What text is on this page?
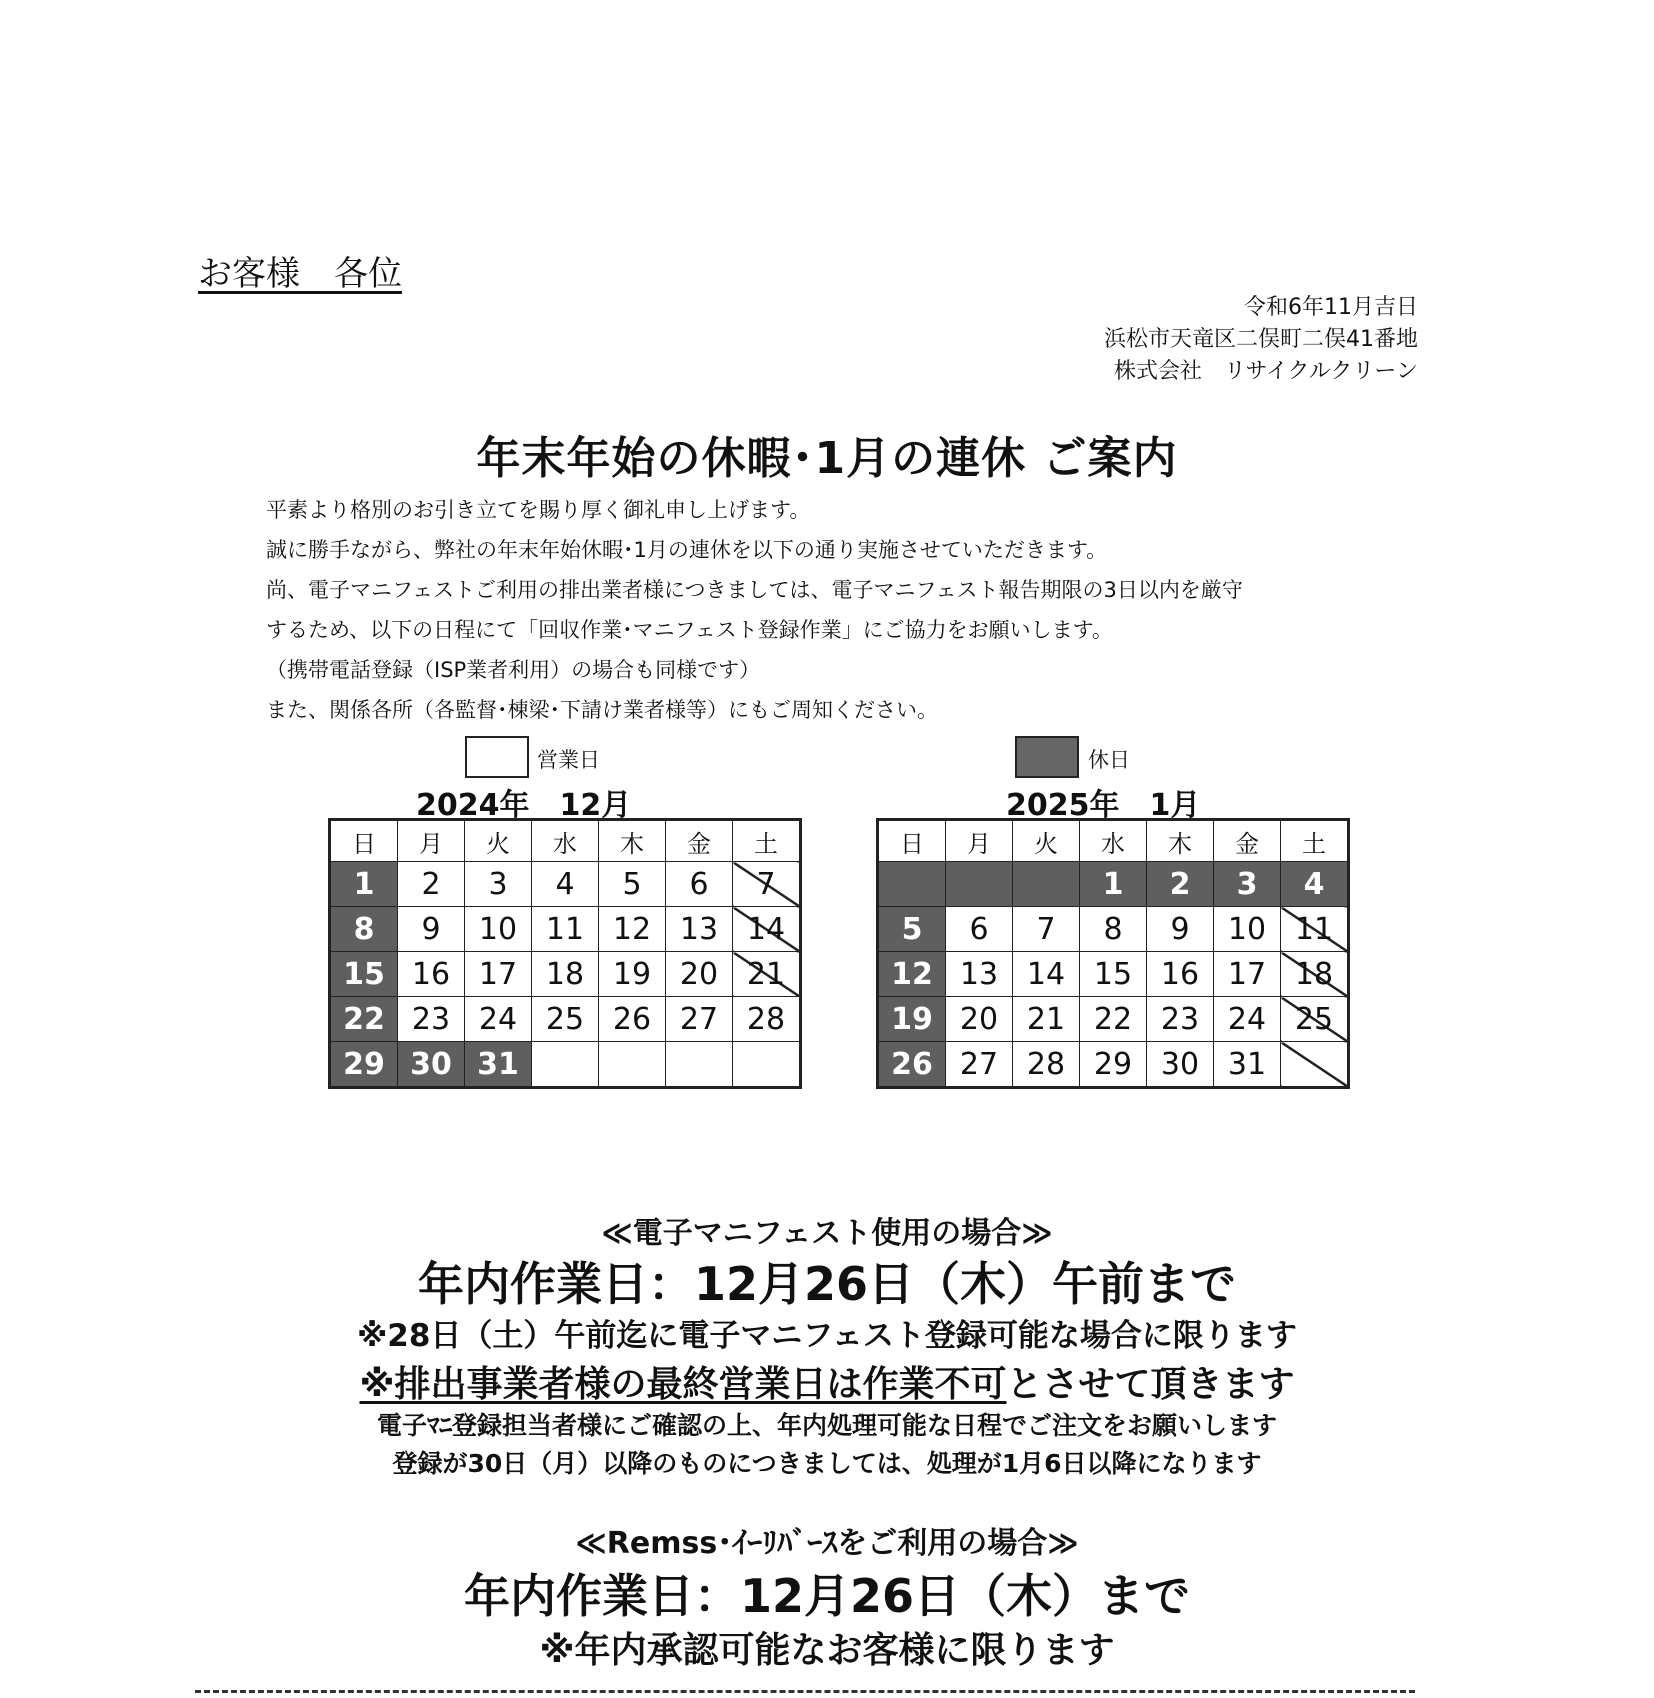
お客様　各位
令和6年11月吉日
浜松市天竜区二俣町二俣41番地
株式会社　リサイクルクリーン
年末年始の休暇･1月の連休 ご案内
平素より格別のお引き立てを賜り厚く御礼申し上げます。
誠に勝手ながら、弊社の年末年始休暇･1月の連休を以下の通り実施させていただきます。
尚、電子マニフェストご利用の排出業者様につきましては、電子マニフェスト報告期限の3日以内を厳守
するため、以下の日程にて「回収作業･マニフェスト登録作業」にご協力をお願いします。
（携帯電話登録（ISP業者利用）の場合も同様です）
また、関係各所（各監督･棟梁･下請け業者様等）にもご周知ください。
営業日	休日
2024年　12月
日	月	火	水	木	金	土
1	2	3	4	5	6	7
8	9	10	11	12	13	14
15	16	17	18	19	20	21
22	23	24	25	26	27	28
29	30	31				
2025年　1月
日	月	火	水	木	金	土
			1	2	3	4
5	6	7	8	9	10	11
12	13	14	15	16	17	18
19	20	21	22	23	24	25
26	27	28	29	30	31	
≪電子マニフェスト使用の場合≫
年内作業日：12月26日（木）午前まで
※28日（土）午前迄に電子マニフェスト登録可能な場合に限ります
※排出事業者様の最終営業日は作業不可とさせて頂きます
電子ﾏﾆ登録担当者様にご確認の上、年内処理可能な日程でご注文をお願いします
登録が30日（月）以降のものにつきましては、処理が1月6日以降になります
≪Remss･ｲｰﾘﾊﾞｰｽをご利用の場合≫
年内作業日：12月26日（木）まで
※年内承認可能なお客様に限ります
